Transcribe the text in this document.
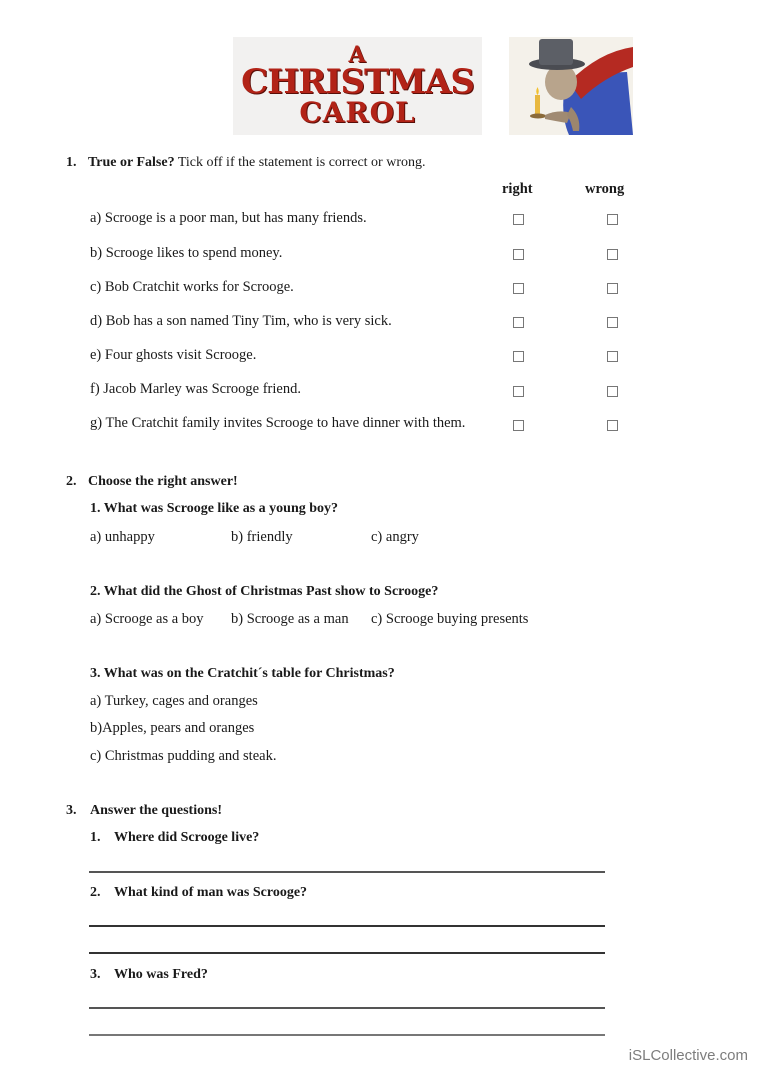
A
CHRISTMAS
CAROL
1. True or False? Tick off if the statement is correct or wrong.
right	wrong
a) Scrooge is a poor man, but has many friends.
b) Scrooge likes to spend money.
c) Bob Cratchit works for Scrooge.
d) Bob has a son named Tiny Tim, who is very sick.
e) Four ghosts visit Scrooge.
f) Jacob Marley was Scrooge friend.
g) The Cratchit family invites Scrooge to have dinner with them.
2. Choose the right answer!
1. What was Scrooge like as a young boy?
a) unhappy	b) friendly	c) angry
2. What did the Ghost of Christmas Past show to Scrooge?
a) Scrooge as a boy b) Scrooge as a man c) Scrooge buying presents
3. What was on the Cratchit´s table for Christmas?
a) Turkey, cages and oranges
b)Apples, pears and oranges
c) Christmas pudding and steak.
3. Answer the questions!
1. Where did Scrooge live?
2. What kind of man was Scrooge?
3. Who was Fred?
iSLCollective.com
